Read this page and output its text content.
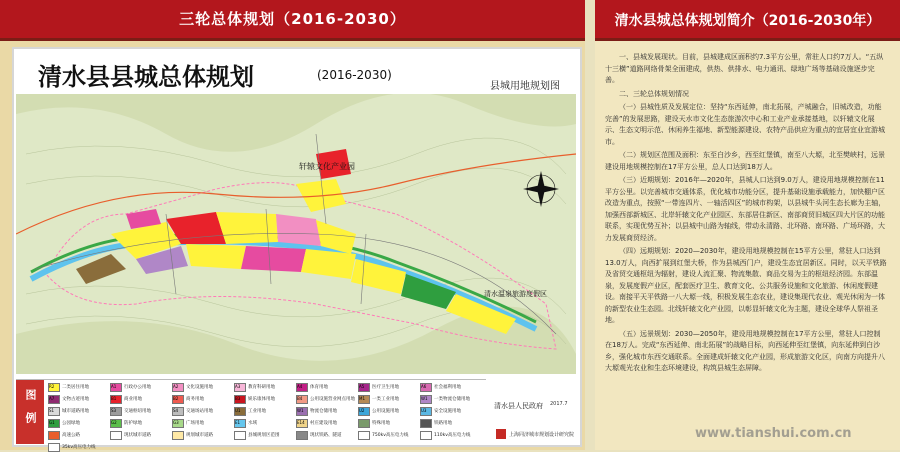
三轮总体规划（2016-2030）
清水县县城总体规划	(2016-2030)
县城用地规划图
轩辕文化产业园
清水温泉旅游度假区
图例
R2	二类居住用地	A1	行政办公用地	A2	文化设施用地	A3	教育科研用地	A4	体育用地	A5	医疗卫生用地	A6	社会福利用地
A7	文物古迹用地	B1	商业用地	B2	商务用地	B3	娱乐康体用地	B4	公用设施营业网点用地 M1	一类工业用地	W1	一类物流仓储用地
S1	城市道路用地	S3	交通枢纽用地	S4	交通场站用地	U1	工业用地	W1	物流仓储用地	U2	公用设施用地	U3	安全设施用地
G1	公园绿地	G2	防护绿地	G3	广场用地	E1	水域	E14	村庄建设用地	特殊用地	铁路用地
高速公路	现状城市道路	规划城市道路	县城规划区范围	现状铁路、隧道	750kv高压电力线	110kv高压电力线
35kv高压电力线
清水县人民政府 2017.7
上海同济城市规划设计研究院
清水县城总体规划简介（2016-2030年）

一、县城发展现状。目前，县城建成区面积约7.3平方公里，常驻人口约7万人。“五纵十三横”道路网络骨架全面建成，供热、供排水、电力通讯、绿地广场等基础设施逐步完善。

二、三轮总体规划情况

（一）县城性质及发展定位：坚持“东西延伸，南北拓展，产城融合，旧城改造，功能完善”的发展思路，建设天水市文化生态旅游次中心和工业产业承接基地，以轩辕文化展示、生态文明示范、休闲养生福地、新型能源建设、农特产品供应为重点的宜居宜业宜游城市。

（二）规划区范围及面积：东至白沙乡，西至红堡镇，南至八大塬，北至樊峡村，远景建设用地规模控制在17平方公里，总人口达到18万人。

（三）近期规划：2016年—2020年，县城人口达到9.0万人，建设用地规模控制在11平方公里。以完善城市交通体系，优化城市功能分区，提升基础设施承载能力，加快棚户区改造为重点，按照“一带连四片、一轴活四区”的城市构架，以县城牛头河生态长廊为主轴，加强西部新城区、北岸轩辕文化产业园区、东部居住新区、南部商贸旧城区四大片区的功能联系，实现优势互补；以县城中山路为轴线，带动永清路、北环路、南环路、广场环路，大力发展商贸经济。

（四）远期规划：2020—2030年，建设用地规模控制在15平方公里，常驻人口达到13.0万人，向西扩展到红堡大桥，作为县城西门户，建设生态宜居新区。同时，以天平铁路及省贸交通枢纽为辐射，建设人流汇聚、物流集散、商品交易为主的枢纽经济园。东部温泉，发展度假产业区，配套医疗卫生、教育文化、公共服务设施和文化旅游、休闲度假建设。南接平天平铁路一八大塬一线，积极发展生态农业，建设集现代农业、观光休闲为一体的新型农业生态园。北线轩辕文化产业园，以彰显轩辕文化为主题，建设全球华人祭祖圣地。

（五）远景规划：2030—2050年，建设用地规模控制在17平方公里，常驻人口控制在18万人。完成“东西延伸、南北拓展”的战略目标，向西延伸至红堡镇，向东延伸到白沙乡，强化城市东西交通联系。全面建成轩辕文化产业园，形成旅游文化区，向南方向提升八大塬观光农业和生态环境建设，构筑县城生态屏障。

www.tianshui.com.cn
